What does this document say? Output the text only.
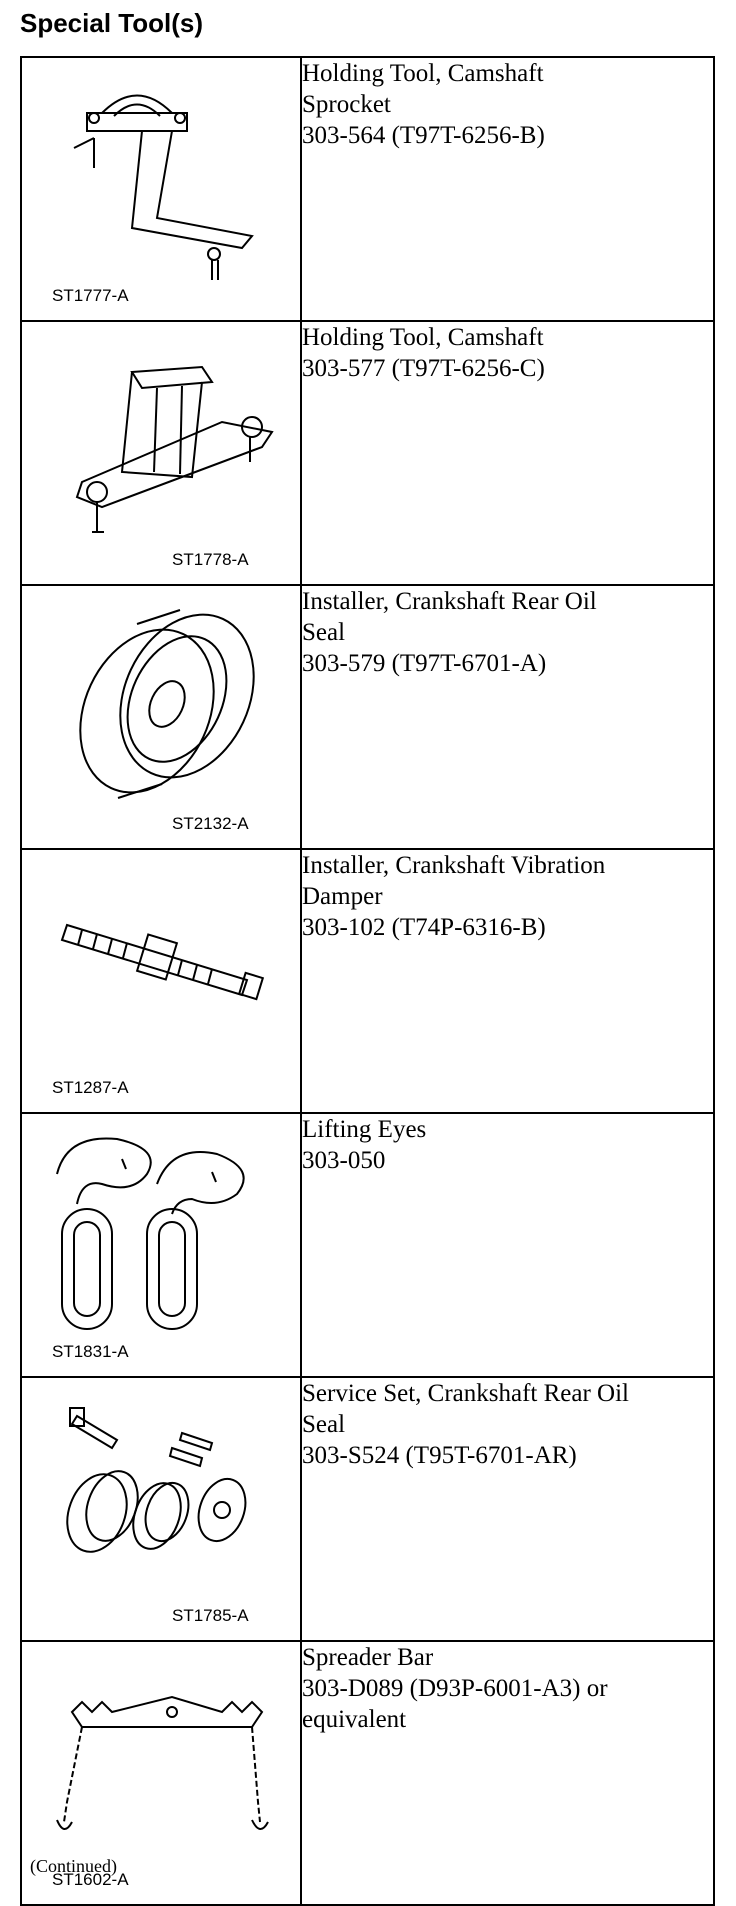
Special Tool(s)
ST1777-A	Holding Tool, Camshaft
Sprocket
303-564 (T97T-6256-B)

ST1778-A	Holding Tool, Camshaft
303-577 (T97T-6256-C)

ST2132-A	Installer, Crankshaft Rear Oil
Seal
303-579 (T97T-6701-A)

ST1287-A	Installer, Crankshaft Vibration
Damper
303-102 (T74P-6316-B)

ST1831-A	Lifting Eyes
303-050

ST1785-A	Service Set, Crankshaft Rear Oil
Seal
303-S524 (T95T-6701-AR)

ST1602-A	Spreader Bar
303-D089 (D93P-6001-A3) or
equivalent
(Continued)
